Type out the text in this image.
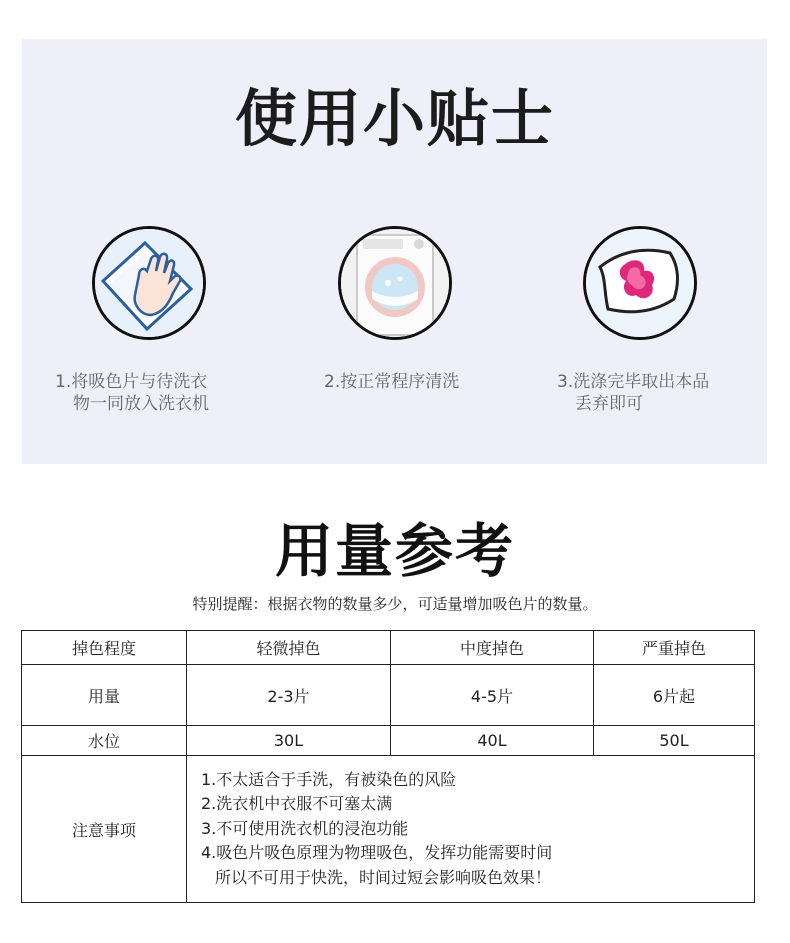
使用小贴士
1.将吸色片与待洗衣
物一同放入洗衣机
2.按正常程序清洗	3.洗涤完毕取出本品
丢弃即可
用量参考
特别提醒：根据衣物的数量多少，可适量增加吸色片的数量。
掉色程度	轻微掉色	中度掉色	严重掉色
用量	2-3片	4-5片	6片起
水位	30L	40L	50L
注意事项	1.不太适合于手洗，有被染色的风险
2.洗衣机中衣服不可塞太满
3.不可使用洗衣机的浸泡功能
4.吸色片吸色原理为物理吸色，发挥功能需要时间
所以不可用于快洗，时间过短会影响吸色效果！		
